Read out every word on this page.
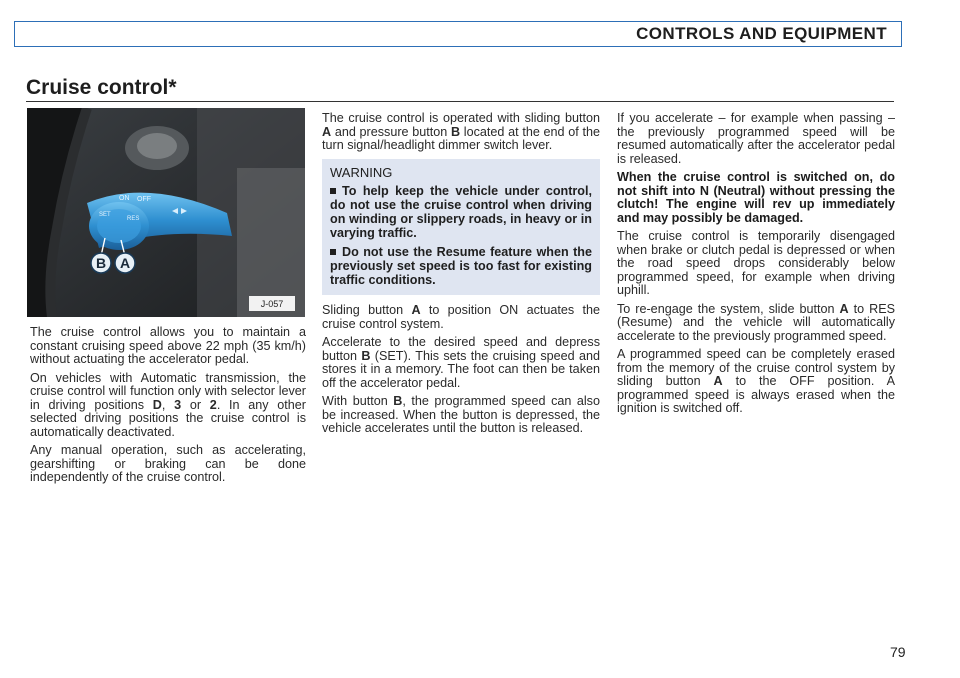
CONTROLS AND EQUIPMENT
Cruise control*
ON OFF
SET
RES
B A
J-057

The cruise control allows you to maintain a constant cruising speed above 22 mph (35 km/h) without actuating the accelerator pedal.

On vehicles with Automatic transmission, the cruise control will function only with selector lever in driving positions D, 3 or 2. In any other selected driving positions the cruise control is automatically deactivated.

Any manual operation, such as accelerating, gearshifting or braking can be done independently of the cruise control.

The cruise control is operated with sliding button A and pressure button B located at the end of the turn signal/headlight dimmer switch lever.

WARNING

To help keep the vehicle under control, do not use the cruise control when driving on winding or slippery roads, in heavy or in varying traffic.

Do not use the Resume feature when the previously set speed is too fast for existing traffic conditions.

Sliding button A to position ON actuates the cruise control system.

Accelerate to the desired speed and depress button B (SET). This sets the cruising speed and stores it in a memory. The foot can then be taken off the accelerator pedal.

With button B, the programmed speed can also be increased. When the button is depressed, the vehicle accelerates until the button is released.

If you accelerate – for example when passing – the previously programmed speed will be resumed automatically after the accelerator pedal is released.

When the cruise control is switched on, do not shift into N (Neutral) without pressing the clutch! The engine will rev up immediately and may possibly be damaged.

The cruise control is temporarily disengaged when brake or clutch pedal is depressed or when the road speed drops considerably below programmed speed, for example when driving uphill.

To re-engage the system, slide button A to RES (Resume) and the vehicle will automatically accelerate to the previously programmed speed.

A programmed speed can be completely erased from the memory of the cruise control system by sliding button A to the OFF position. A programmed speed is always erased when the ignition is switched off.

79
